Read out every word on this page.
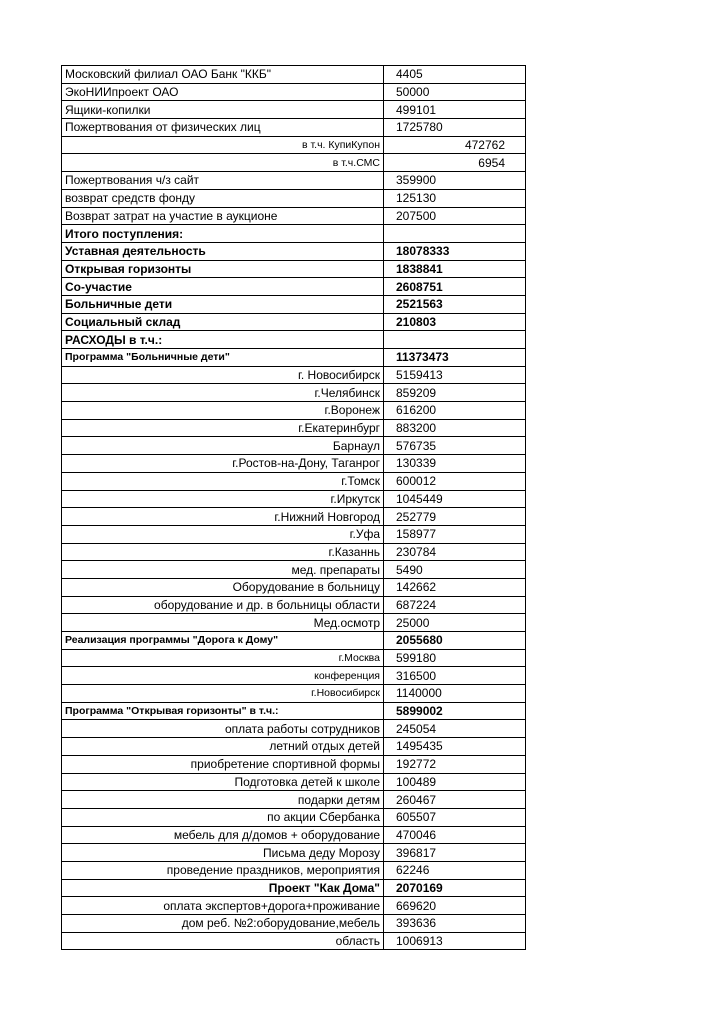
Московский филиал ОАО Банк "ККБ"	4405
ЭкоНИИпроект ОАО	50000
Ящики-копилки	499101
Пожертвования от физических лиц	1725780
в т.ч. КупиКупон	472762
в т.ч.СМС	6954
Пожертвования ч/з сайт	359900
возврат средств фонду	125130
Возврат затрат на участие в аукционе	207500
Итого поступления:	
Уставная деятельность	18078333
Открывая горизонты	1838841
Со-участие	2608751
Больничные дети	2521563
Социальный склад	210803
РАСХОДЫ в т.ч.:	
Программа "Больничные дети"	11373473
г. Новосибирск	5159413
г.Челябинск	859209
г.Воронеж	616200
г.Екатеринбург	883200
Барнаул	576735
г.Ростов-на-Дону, Таганрог	130339
г.Томск	600012
г.Иркутск	1045449
г.Нижний Новгород	252779
г.Уфа	158977
г.Казаннь	230784
мед. препараты	5490
Оборудование в больницу	142662
оборудование и др. в больницы области	687224
Мед.осмотр	25000
Реализация программы "Дорога к Дому"	2055680
г.Москва	599180
конференция	316500
г.Новосибирск	1140000
Программа "Открывая горизонты" в т.ч.:	5899002
оплата работы сотрудников	245054
летний отдых детей	1495435
приобретение спортивной формы	192772
Подготовка детей к школе	100489
подарки детям	260467
по акции Сбербанка	605507
мебель для д/домов + оборудование	470046
Письма деду Морозу	396817
проведение праздников, мероприятия	62246
Проект "Как Дома"	2070169
оплата экспертов+дорога+проживание	669620
дом реб. №2:оборудование,мебель	393636
область	1006913
